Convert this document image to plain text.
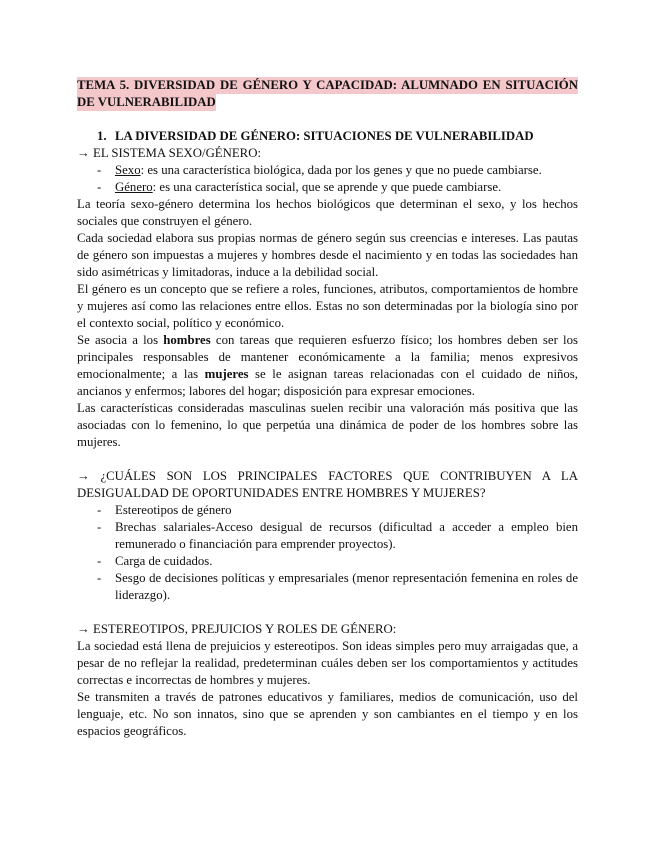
TEMA 5. DIVERSIDAD DE GÉNERO Y CAPACIDAD: ALUMNADO EN SITUACIÓN
DE VULNERABILIDAD
1. LA DIVERSIDAD DE GÉNERO: SITUACIONES DE VULNERABILIDAD
→ EL SISTEMA SEXO/GÉNERO:
- Sexo: es una característica biológica, dada por los genes y que no puede cambiarse.
- Género: es una característica social, que se aprende y que puede cambiarse.
La teoría sexo-género determina los hechos biológicos que determinan el sexo, y los hechos
sociales que construyen el género.
Cada sociedad elabora sus propias normas de género según sus creencias e intereses. Las pautas
de género son impuestas a mujeres y hombres desde el nacimiento y en todas las sociedades han
sido asimétricas y limitadoras, induce a la debilidad social.
El género es un concepto que se refiere a roles, funciones, atributos, comportamientos de hombre
y mujeres así como las relaciones entre ellos. Estas no son determinadas por la biología sino por
el contexto social, político y económico.
Se asocia a los hombres con tareas que requieren esfuerzo físico; los hombres deben ser los
principales responsables de mantener económicamente a la familia; menos expresivos
emocionalmente; a las mujeres se le asignan tareas relacionadas con el cuidado de niños,
ancianos y enfermos; labores del hogar; disposición para expresar emociones.
Las características consideradas masculinas suelen recibir una valoración más positiva que las
asociadas con lo femenino, lo que perpetúa una dinámica de poder de los hombres sobre las
mujeres.
→ ¿CUÁLES SON LOS PRINCIPALES FACTORES QUE CONTRIBUYEN A LA
DESIGUALDAD DE OPORTUNIDADES ENTRE HOMBRES Y MUJERES?
- Estereotipos de género
- Brechas salariales-Acceso desigual de recursos (dificultad a acceder a empleo bien
remunerado o financiación para emprender proyectos).
- Carga de cuidados.
- Sesgo de decisiones políticas y empresariales (menor representación femenina en roles de
liderazgo).
→ ESTEREOTIPOS, PREJUICIOS Y ROLES DE GÉNERO:
La sociedad está llena de prejuicios y estereotipos. Son ideas simples pero muy arraigadas que, a
pesar de no reflejar la realidad, predeterminan cuáles deben ser los comportamientos y actitudes
correctas e incorrectas de hombres y mujeres.
Se transmiten a través de patrones educativos y familiares, medios de comunicación, uso del
lenguaje, etc. No son innatos, sino que se aprenden y son cambiantes en el tiempo y en los
espacios geográficos.
